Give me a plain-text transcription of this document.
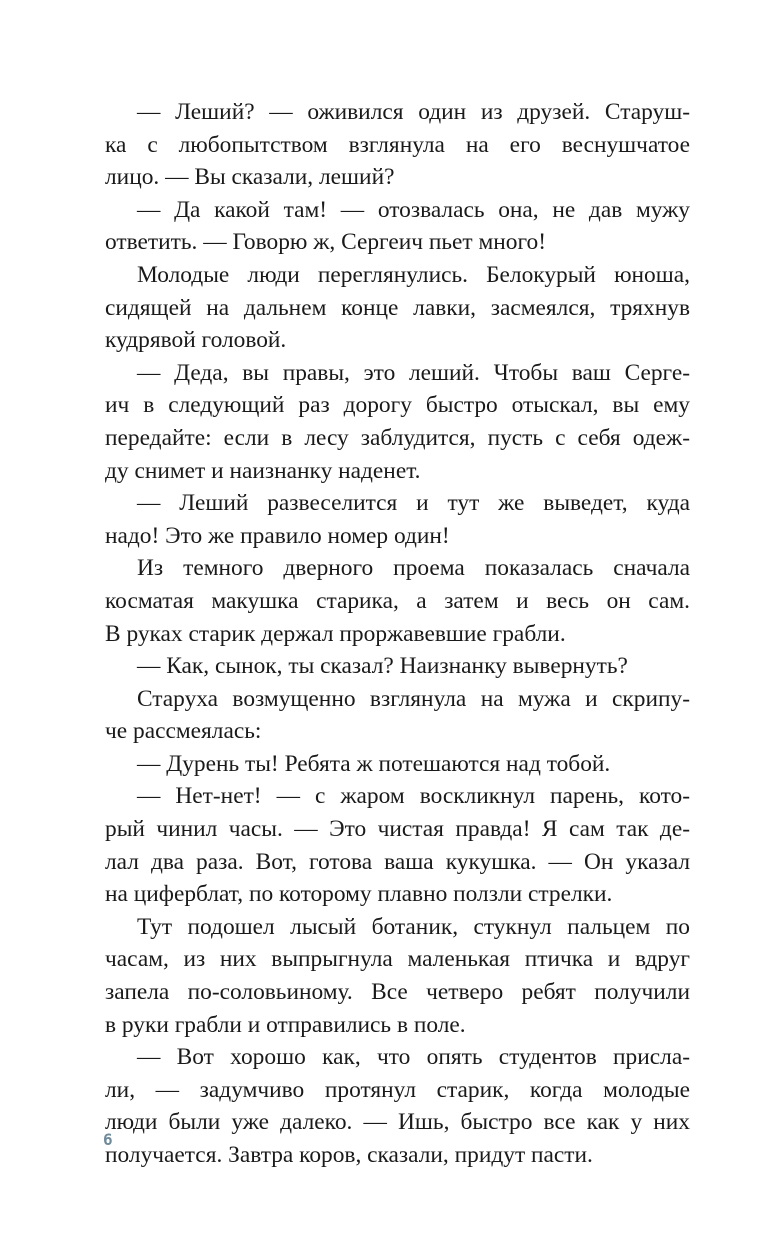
— Леший? — оживился один из друзей. Старуш-
ка с любопытством взглянула на его веснушчатое
лицо. — Вы сказали, леший?
— Да какой там! — отозвалась она, не дав мужу
ответить. — Говорю ж, Сергеич пьет много!
Молодые люди переглянулись. Белокурый юноша,
сидящей на дальнем конце лавки, засмеялся, тряхнув
кудрявой головой.
— Деда, вы правы, это леший. Чтобы ваш Серге-
ич в следующий раз дорогу быстро отыскал, вы ему
передайте: если в лесу заблудится, пусть с себя одеж-
ду снимет и наизнанку наденет.
— Леший развеселится и тут же выведет, куда
надо! Это же правило номер один!
Из темного дверного проема показалась сначала
косматая макушка старика, а затем и весь он сам.
В руках старик держал проржавевшие грабли.
— Как, сынок, ты сказал? Наизнанку вывернуть?
Старуха возмущенно взглянула на мужа и скрипу-
че рассмеялась:
— Дурень ты! Ребята ж потешаются над тобой.
— Нет-нет! — с жаром воскликнул парень, кото-
рый чинил часы. — Это чистая правда! Я сам так де-
лал два раза. Вот, готова ваша кукушка. — Он указал
на циферблат, по которому плавно ползли стрелки.
Тут подошел лысый ботаник, стукнул пальцем по
часам, из них выпрыгнула маленькая птичка и вдруг
запела по-соловьиному. Все четверо ребят получили
в руки грабли и отправились в поле.
— Вот хорошо как, что опять студентов присла-
ли, — задумчиво протянул старик, когда молодые
люди были уже далеко. — Ишь, быстро все как у них
получается. Завтра коров, сказали, придут пасти.
6
